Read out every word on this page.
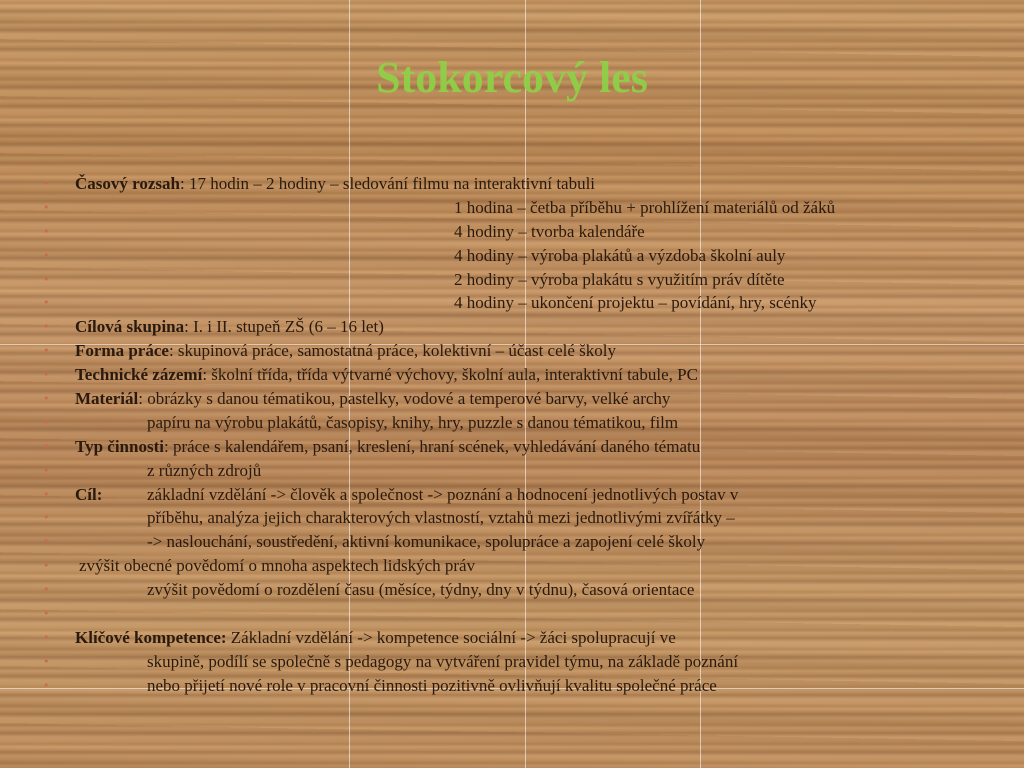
Stokorcový les
• Časový rozsah: 17 hodin – 2 hodiny – sledování filmu na interaktivní tabuli
•	1 hodina – četba příběhu + prohlížení materiálů od žáků
•	4 hodiny – tvorba kalendáře
•	4 hodiny – výroba plakátů a výzdoba školní auly
•	2 hodiny – výroba plakátu s využitím práv dítěte
•	4 hodiny – ukončení projektu – povídání, hry, scénky
• Cílová skupina: I. i II. stupeň ZŠ (6 – 16 let)
• Forma práce: skupinová práce, samostatná práce, kolektivní – účast celé školy
• Technické zázemí: školní třída, třída výtvarné výchovy, školní aula, interaktivní tabule, PC
• Materiál: obrázky s danou tématikou, pastelky, vodové a temperové barvy, velké archy
•	papíru na výrobu plakátů, časopisy, knihy, hry, puzzle s danou tématikou, film
• Typ činnosti: práce s kalendářem, psaní, kreslení, hraní scének, vyhledávání daného tématu
•	z různých zdrojů
• Cíl:	základní vzdělání -> člověk a společnost -> poznání a hodnocení jednotlivých postav v
•	příběhu, analýza jejich charakterových vlastností, vztahů mezi jednotlivými zvířátky –
•	-> naslouchání, soustředění, aktivní komunikace, spolupráce a zapojení celé školy
• zvýšit obecné povědomí o mnoha aspektech lidských práv
•	zvýšit povědomí o rozdělení času (měsíce, týdny, dny v týdnu), časová orientace
•
• Klíčové kompetence: Základní vzdělání -> kompetence sociální -> žáci spolupracují ve
•	skupině, podílí se společně s pedagogy na vytváření pravidel týmu, na základě poznání
•	nebo přijetí nové role v pracovní činnosti pozitivně ovlivňují kvalitu společné práce
